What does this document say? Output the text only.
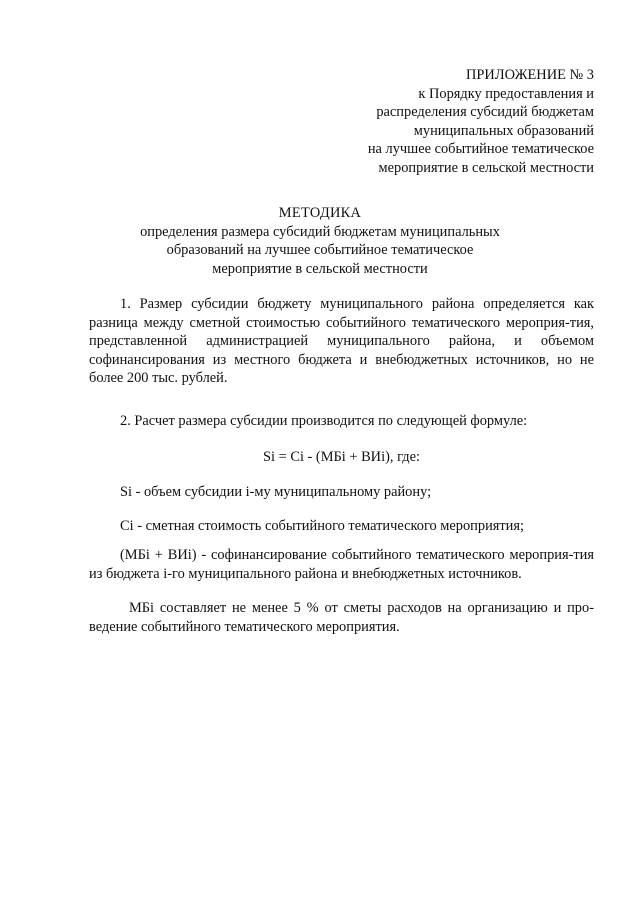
ПРИЛОЖЕНИЕ № 3
к Порядку предоставления и
распределения субсидий бюджетам
муниципальных образований
на лучшее событийное тематическое
мероприятие в сельской местности
МЕТОДИКА
определения размера субсидий бюджетам муниципальных
образований на лучшее событийное тематическое
мероприятие в сельской местности
1. Размер субсидии бюджету муниципального района определяется как разница между сметной стоимостью событийного тематического мероприя-тия, представленной администрацией муниципального района, и объемом софинансирования из местного бюджета и внебюджетных источников, но не более 200 тыс. рублей.
2. Расчет размера субсидии производится по следующей формуле:
Si = Ci - (МБi + ВИi), где:
Si - объем субсидии i-му муниципальному району;
Ci - сметная стоимость событийного тематического мероприятия;
(МБi + ВИi) - софинансирование событийного тематического мероприя-тия из бюджета i-го муниципального района и внебюджетных источников.
МБi составляет не менее 5 % от сметы расходов на организацию и про-ведение событийного тематического мероприятия.
